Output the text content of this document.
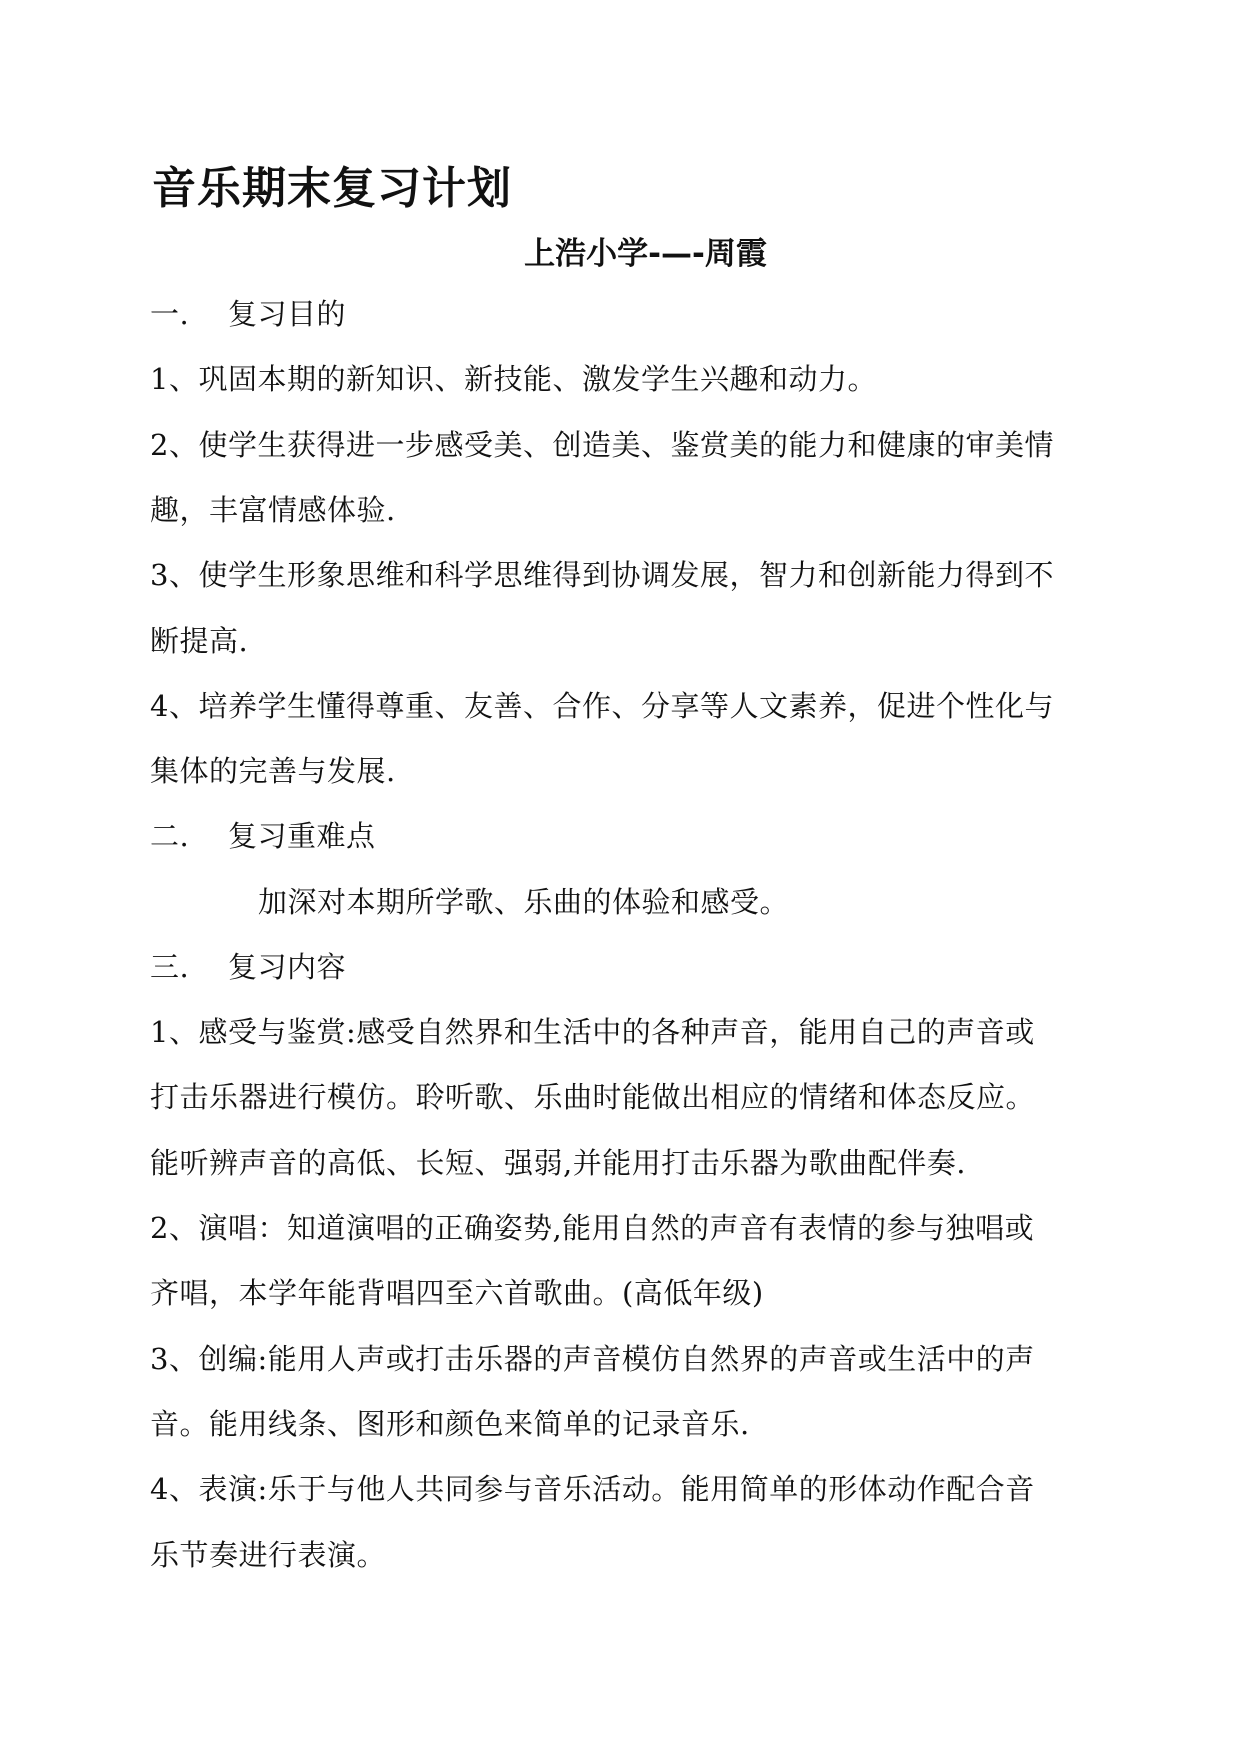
音乐期末复习计划
上浩小学-—-周霞
一. 复习目的
1、巩固本期的新知识、新技能、激发学生兴趣和动力。
2、使学生获得进一步感受美、创造美、鉴赏美的能力和健康的审美情
趣，丰富情感体验.
3、使学生形象思维和科学思维得到协调发展，智力和创新能力得到不
断提高.
4、培养学生懂得尊重、友善、合作、分享等人文素养，促进个性化与
集体的完善与发展.
二. 复习重难点
加深对本期所学歌、乐曲的体验和感受。
三. 复习内容
1、感受与鉴赏:感受自然界和生活中的各种声音，能用自己的声音或
打击乐器进行模仿。聆听歌、乐曲时能做出相应的情绪和体态反应。
能听辨声音的高低、长短、强弱,并能用打击乐器为歌曲配伴奏.
2、演唱：知道演唱的正确姿势,能用自然的声音有表情的参与独唱或
齐唱，本学年能背唱四至六首歌曲。(高低年级)
3、创编:能用人声或打击乐器的声音模仿自然界的声音或生活中的声
音。能用线条、图形和颜色来简单的记录音乐.
4、表演:乐于与他人共同参与音乐活动。能用简单的形体动作配合音
乐节奏进行表演。
